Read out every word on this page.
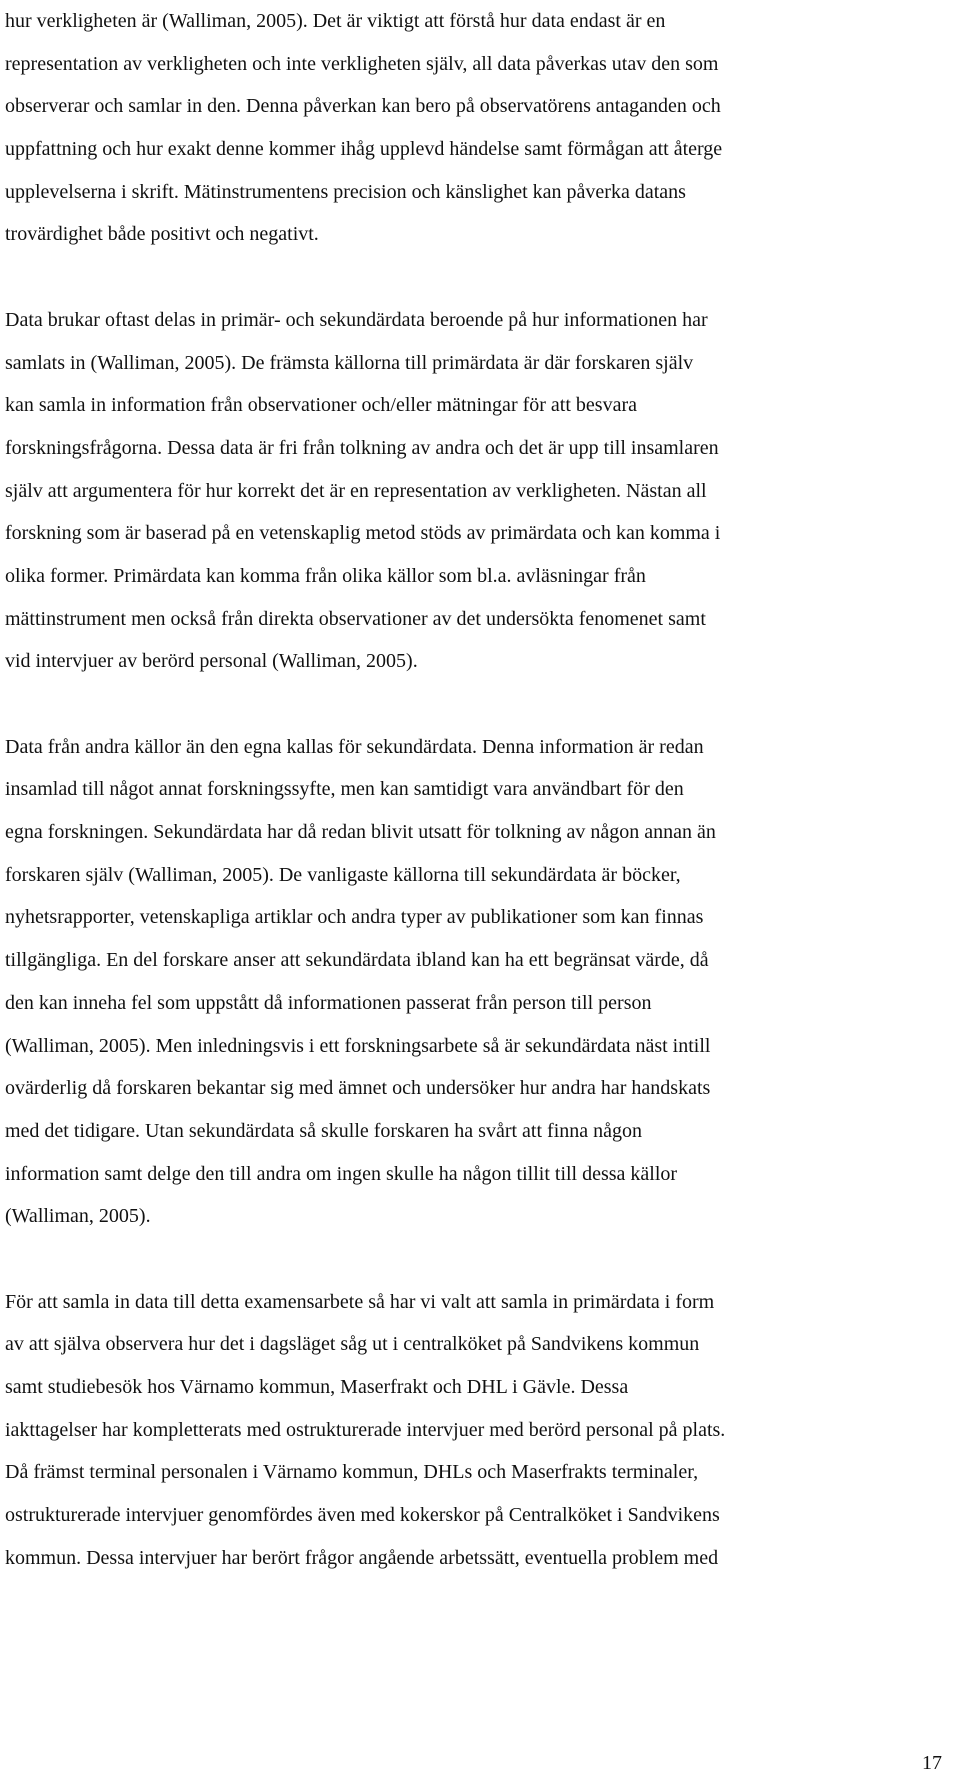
hur verkligheten är (Walliman, 2005). Det är viktigt att förstå hur data endast är en
representation av verkligheten och inte verkligheten själv, all data påverkas utav den som
observerar och samlar in den. Denna påverkan kan bero på observatörens antaganden och
uppfattning och hur exakt denne kommer ihåg upplevd händelse samt förmågan att återge
upplevelserna i skrift. Mätinstrumentens precision och känslighet kan påverka datans
trovärdighet både positivt och negativt.

Data brukar oftast delas in primär- och sekundärdata beroende på hur informationen har
samlats in (Walliman, 2005). De främsta källorna till primärdata är där forskaren själv
kan samla in information från observationer och/eller mätningar för att besvara
forskningsfrågorna. Dessa data är fri från tolkning av andra och det är upp till insamlaren
själv att argumentera för hur korrekt det är en representation av verkligheten. Nästan all
forskning som är baserad på en vetenskaplig metod stöds av primärdata och kan komma i
olika former. Primärdata kan komma från olika källor som bl.a. avläsningar från
mättinstrument men också från direkta observationer av det undersökta fenomenet samt
vid intervjuer av berörd personal (Walliman, 2005).

Data från andra källor än den egna kallas för sekundärdata. Denna information är redan
insamlad till något annat forskningssyfte, men kan samtidigt vara användbart för den
egna forskningen. Sekundärdata har då redan blivit utsatt för tolkning av någon annan än
forskaren själv (Walliman, 2005). De vanligaste källorna till sekundärdata är böcker,
nyhetsrapporter, vetenskapliga artiklar och andra typer av publikationer som kan finnas
tillgängliga. En del forskare anser att sekundärdata ibland kan ha ett begränsat värde, då
den kan inneha fel som uppstått då informationen passerat från person till person
(Walliman, 2005). Men inledningsvis i ett forskningsarbete så är sekundärdata näst intill
ovärderlig då forskaren bekantar sig med ämnet och undersöker hur andra har handskats
med det tidigare. Utan sekundärdata så skulle forskaren ha svårt att finna någon
information samt delge den till andra om ingen skulle ha någon tillit till dessa källor
(Walliman, 2005).

För att samla in data till detta examensarbete så har vi valt att samla in primärdata i form
av att själva observera hur det i dagsläget såg ut i centralköket på Sandvikens kommun
samt studiebesök hos Värnamo kommun, Maserfrakt och DHL i Gävle. Dessa
iakttagelser har kompletterats med ostrukturerade intervjuer med berörd personal på plats.
Då främst terminal personalen i Värnamo kommun, DHLs och Maserfrakts terminaler,
ostrukturerade intervjuer genomfördes även med kokerskor på Centralköket i Sandvikens
kommun. Dessa intervjuer har berört frågor angående arbetssätt, eventuella problem med

17
